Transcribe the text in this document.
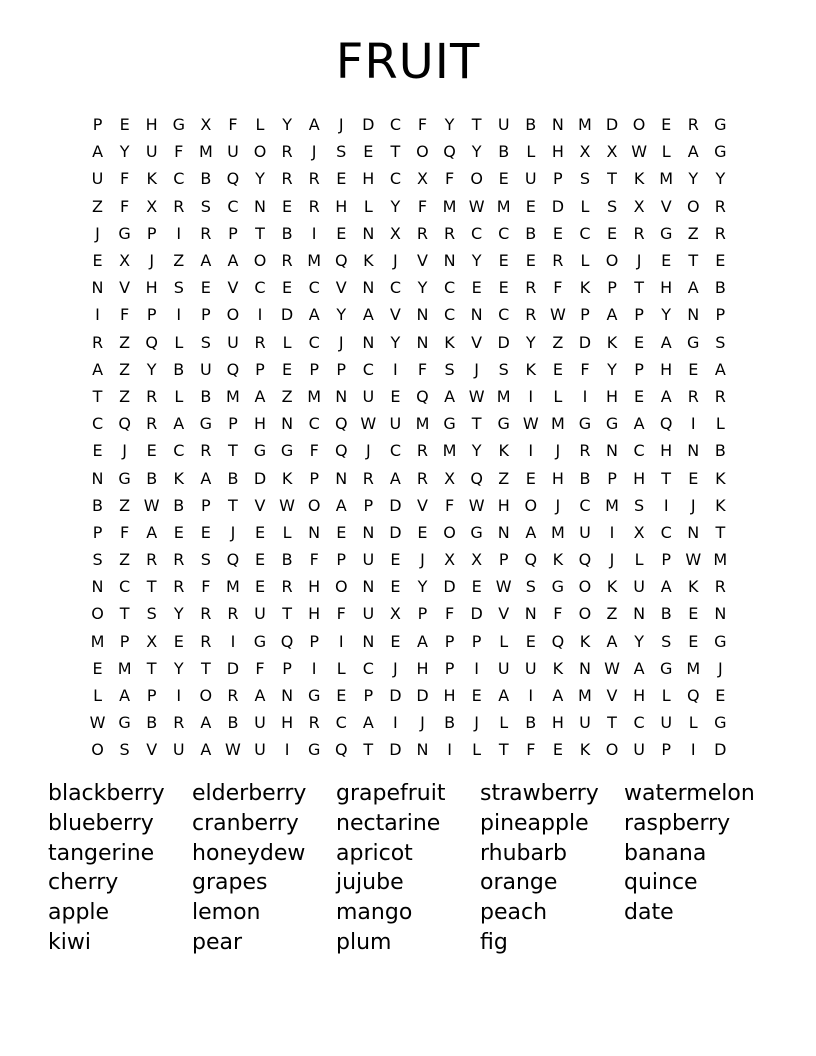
FRUIT
P	E	H G X	F	L	Y	A	J	D C	F	Y	T	U B N M D O E	R G
A	Y	U	F M U O R	J	S	E	T O Q Y	B	L	H X	X W L	A G
U	F	K	C	B Q Y	R R	E	H C	X	F	O E	U	P	S	T	K M Y	Y
Z	F	X	R	S	C N	E	R H	L	Y	F M W M E D	L	S	X	V O R
J	G	P	I	R	P	T	B	I	E	N X	R R C C	B	E	C	E	R G Z	R
E	X	J	Z	A	A O R M Q K	J	V N	Y	E	E	R	L	O	J	E	T	E
N V H S	E	V	C	E	C	V N C	Y	C	E	E	R	F	K	P	T	H A	B
I	F	P	I	P O	I	D A	Y	A	V N C N C R W P	A	P	Y	N	P
R	Z Q	L	S	U R	L	C	J	N	Y	N K	V D	Y	Z D K	E	A G S
A	Z	Y	B U Q P	E	P	P	C	I	F	S	J	S	K	E	F	Y	P	H	E	A
T	Z	R	L	B M A	Z M N U	E Q A W M	I	L	I	H	E	A	R R
C Q R	A G	P	H N C Q W U M G T G W M G G A Q	I	L
E	J	E	C R	T G G	F	Q	J	C R M Y	K	I	J	R N C H N B
N G B	K	A	B D K	P	N R	A	R	X Q Z	E	H B	P	H	T	E	K
B	Z W B	P	T	V W O A	P	D V	F W H O	J	C M S	I	J	K
P	F	A	E	E	J	E	L	N	E	N D E O G N A M U	I	X	C N	T
S	Z	R R	S Q E	B	F	P	U	E	J	X	X	P Q K Q	J	L	P W M
N C	T	R	F M E	R H O N	E	Y	D E W S G O K U A	K	R
O T	S	Y	R R U	T	H	F	U X	P	F	D V N	F	O Z N B	E	N
M P	X	E	R	I	G Q P	I	N	E	A	P	P	L	E Q K	A	Y	S	E G
E M T	Y	T	D	F	P	I	L	C	J	H	P	I	U U K N W A G M	J
L	A	P	I	O R	A N G E	P	D D H	E	A	I	A M V H	L	Q E
W G B	R	A	B U H R C	A	I	J	B	J	L	B H U	T	C U	L	G
O S	V U A W U	I	G Q T	D N	I	L	T	F	E	K O U	P	I	D
blackberry	elderberry	grapefruit	strawberry	watermelon
blueberry	cranberry	nectarine	pineapple	raspberry
tangerine	honeydew	apricot	rhubarb	banana
cherry	grapes	jujube	orange	quince
apple	lemon	mango	peach	date
kiwi	pear	plum	fig
